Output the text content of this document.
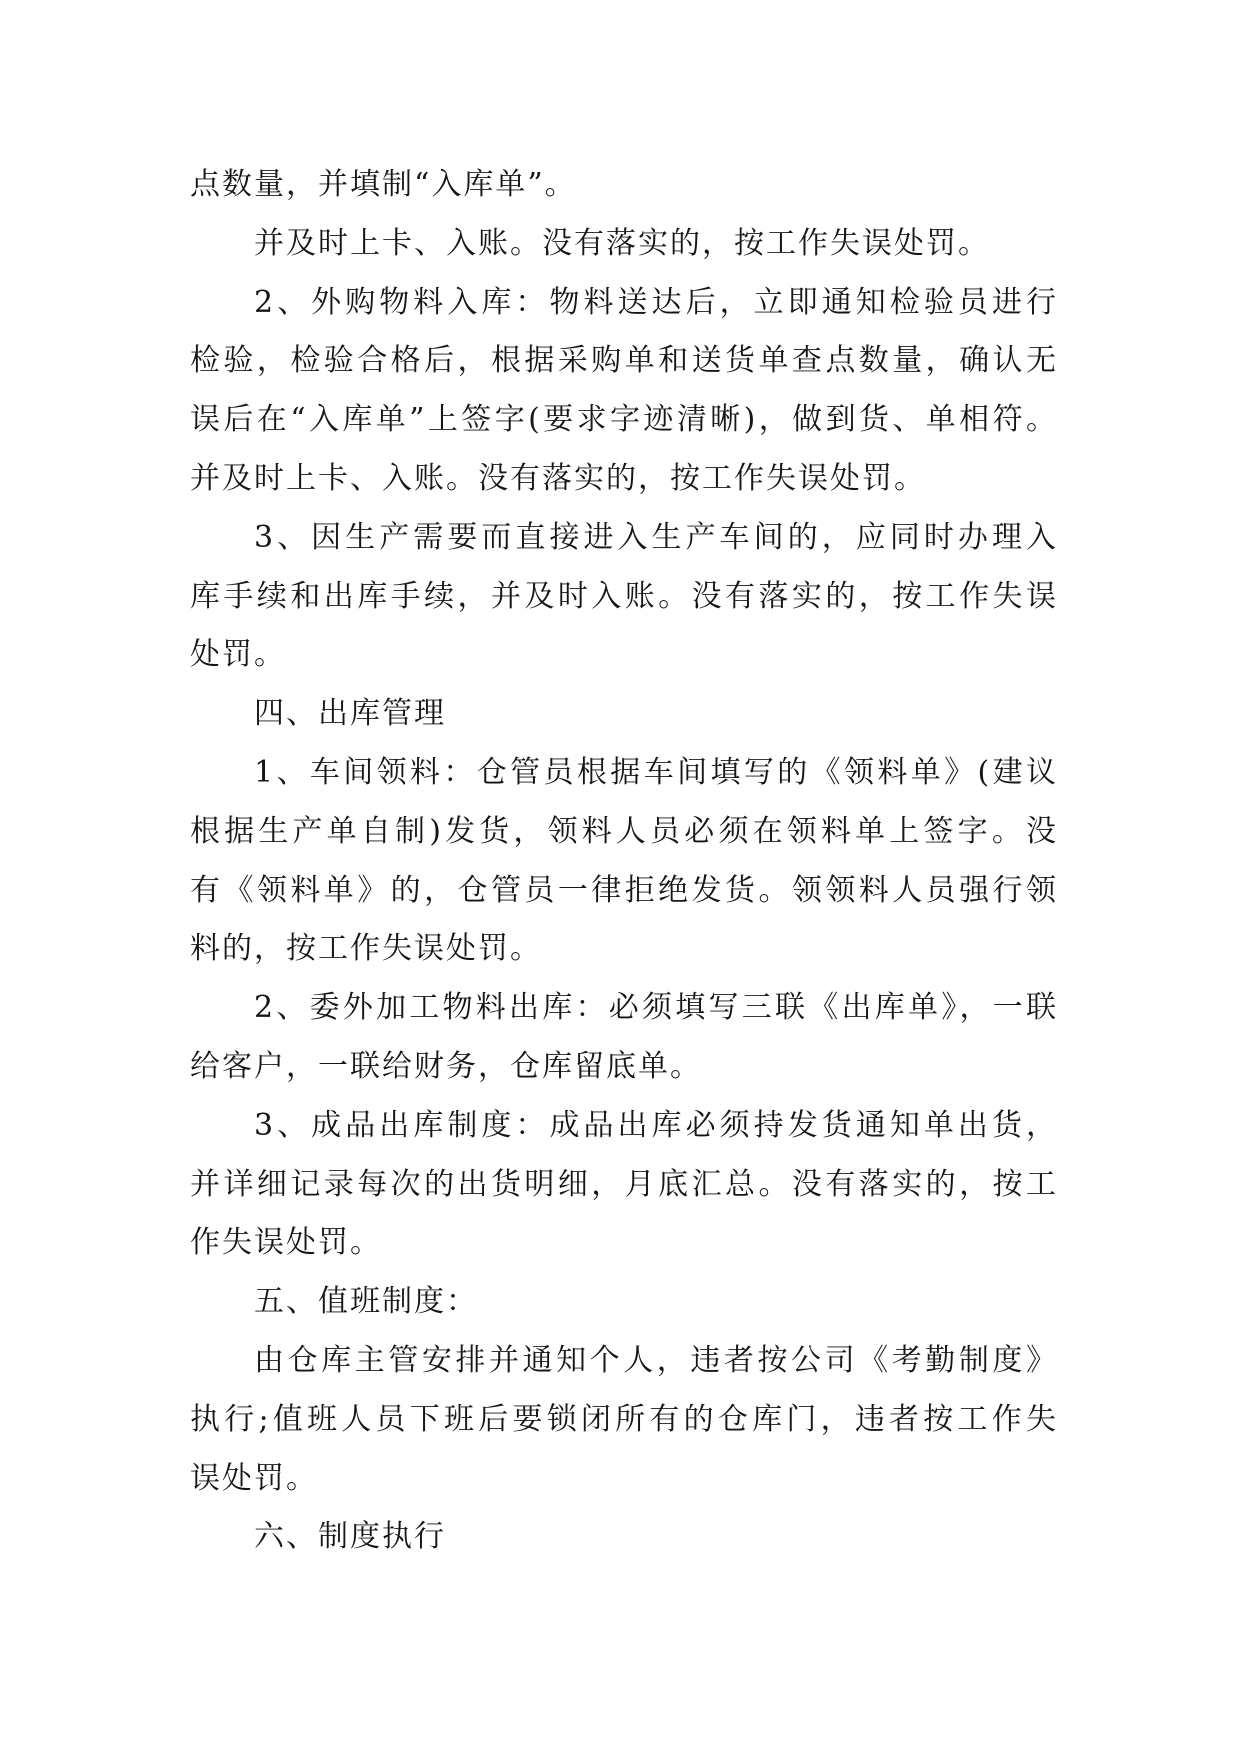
点数量，并填制“入库单”。
并及时上卡、入账。没有落实的，按工作失误处罚。
2、外购物料入库：物料送达后，立即通知检验员进行
检验，检验合格后，根据采购单和送货单查点数量，确认无
误后在“入库单”上签字(要求字迹清晰)，做到货、单相符。
并及时上卡、入账。没有落实的，按工作失误处罚。
3、因生产需要而直接进入生产车间的，应同时办理入
库手续和出库手续，并及时入账。没有落实的，按工作失误
处罚。
四、出库管理
1、车间领料：仓管员根据车间填写的《领料单》(建议
根据生产单自制)发货，领料人员必须在领料单上签字。没
有《领料单》的，仓管员一律拒绝发货。领领料人员强行领
料的，按工作失误处罚。
2、委外加工物料出库：必须填写三联《出库单》，一联
给客户，一联给财务，仓库留底单。
3、成品出库制度：成品出库必须持发货通知单出货，
并详细记录每次的出货明细，月底汇总。没有落实的，按工
作失误处罚。
五、值班制度：
由仓库主管安排并通知个人，违者按公司《考勤制度》
执行;值班人员下班后要锁闭所有的仓库门，违者按工作失
误处罚。
六、制度执行
